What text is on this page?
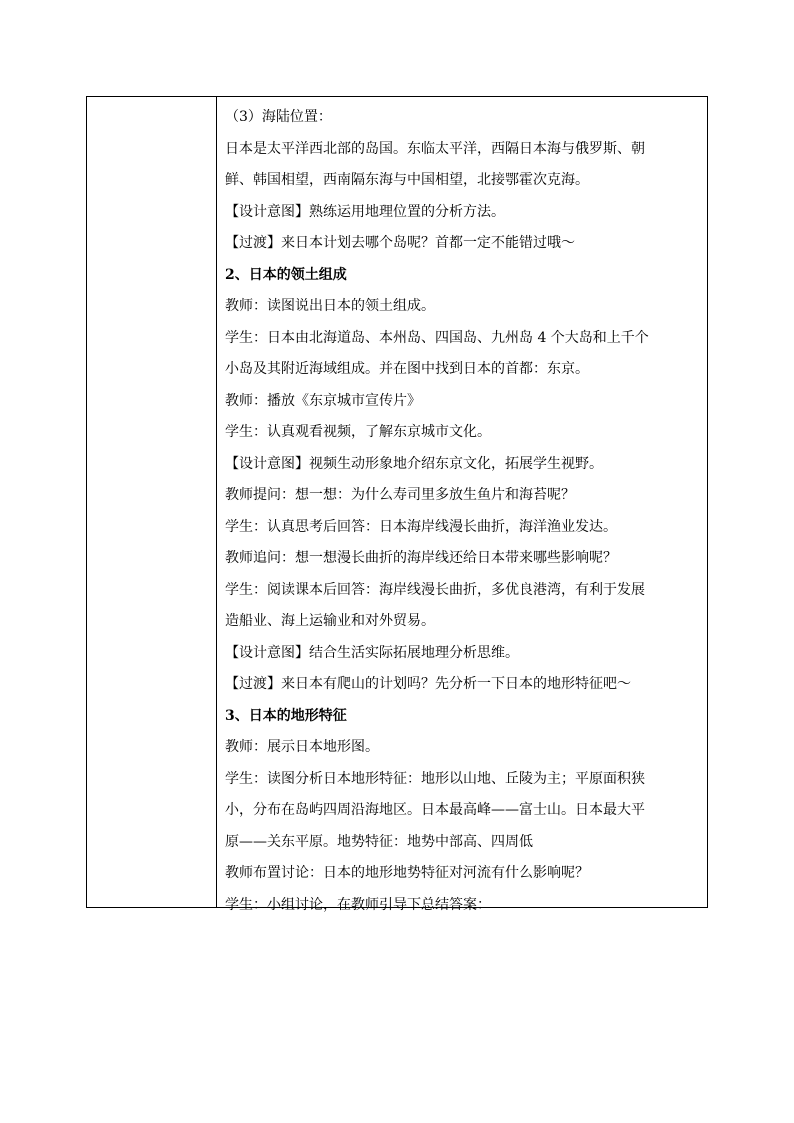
（3）海陆位置：
日本是太平洋西北部的岛国。东临太平洋，西隔日本海与俄罗斯、朝
鲜、韩国相望，西南隔东海与中国相望，北接鄂霍次克海。
【设计意图】熟练运用地理位置的分析方法。
【过渡】来日本计划去哪个岛呢？首都一定不能错过哦～
2、日本的领土组成
教师：读图说出日本的领土组成。
学生：日本由北海道岛、本州岛、四国岛、九州岛 4 个大岛和上千个
小岛及其附近海域组成。并在图中找到日本的首都：东京。
教师：播放《东京城市宣传片》
学生：认真观看视频，了解东京城市文化。
【设计意图】视频生动形象地介绍东京文化，拓展学生视野。
教师提问：想一想：为什么寿司里多放生鱼片和海苔呢？
学生：认真思考后回答：日本海岸线漫长曲折，海洋渔业发达。
教师追问：想一想漫长曲折的海岸线还给日本带来哪些影响呢？
学生：阅读课本后回答：海岸线漫长曲折，多优良港湾，有利于发展
造船业、海上运输业和对外贸易。
【设计意图】结合生活实际拓展地理分析思维。
【过渡】来日本有爬山的计划吗？先分析一下日本的地形特征吧～
3、日本的地形特征
教师：展示日本地形图。
学生：读图分析日本地形特征：地形以山地、丘陵为主；平原面积狭
小，分布在岛屿四周沿海地区。日本最高峰——富士山。日本最大平
原——关东平原。地势特征：地势中部高、四周低
教师布置讨论：日本的地形地势特征对河流有什么影响呢？
学生：小组讨论，在教师引导下总结答案：
